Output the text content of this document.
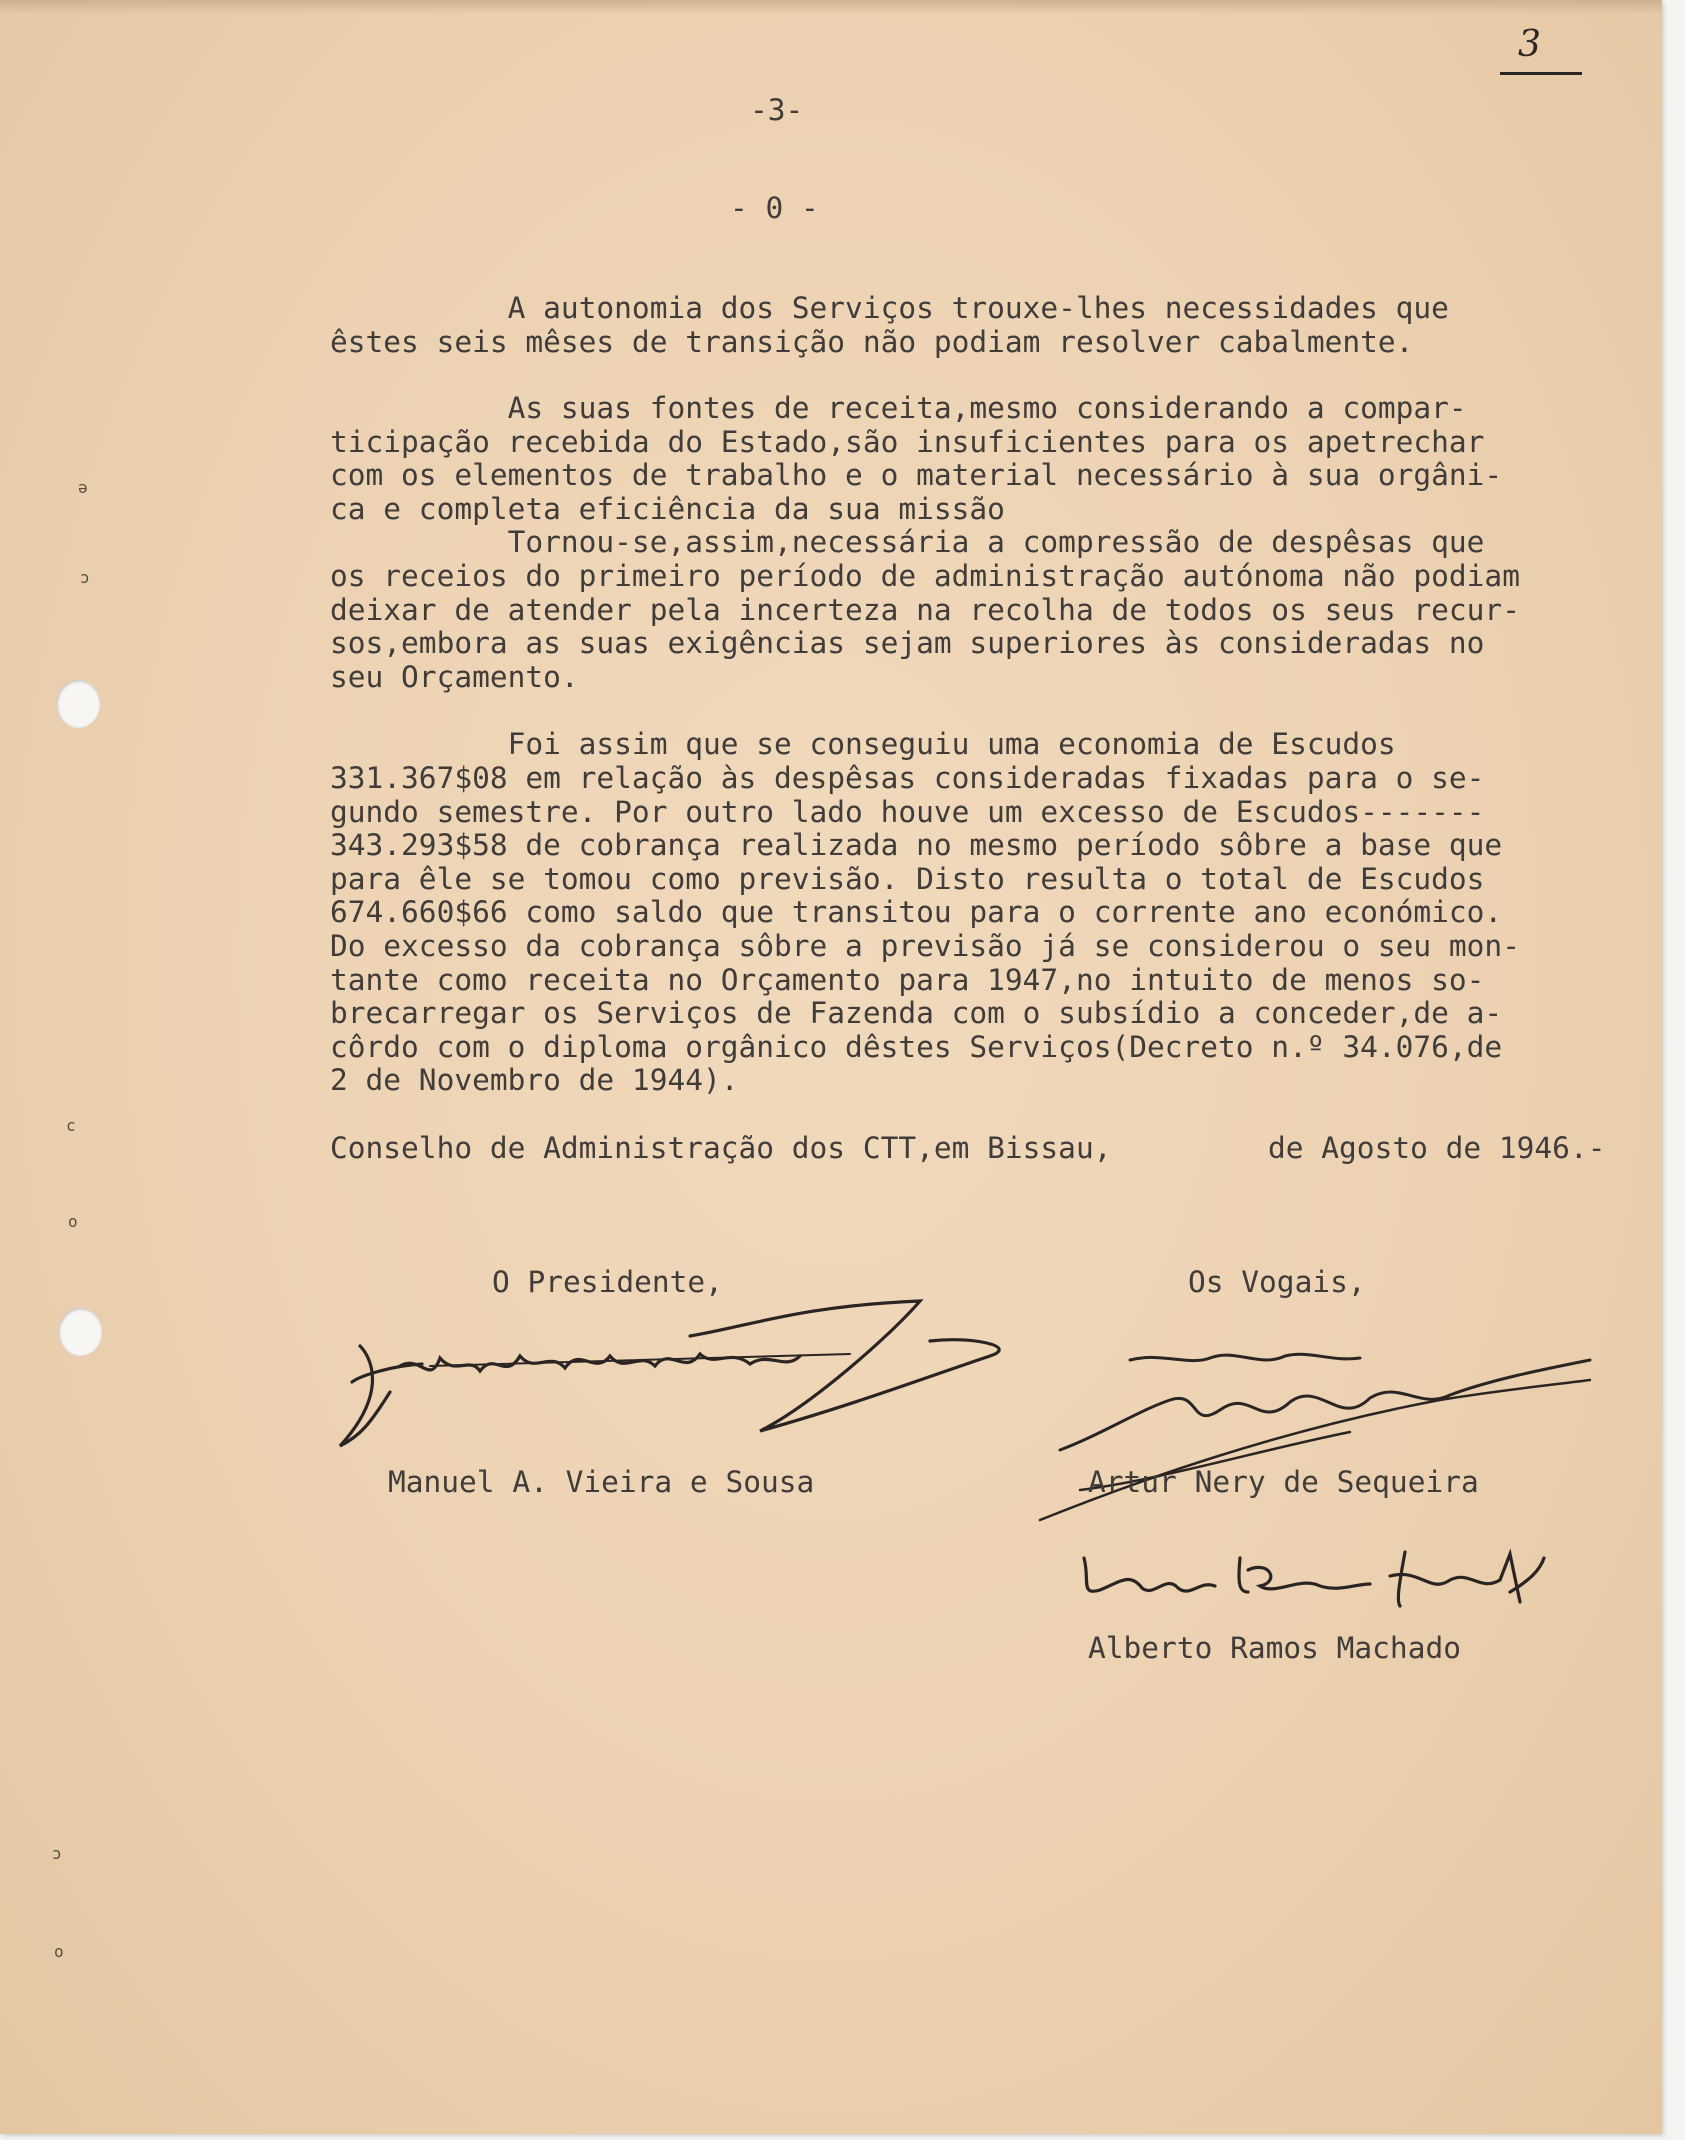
ə
ɔ
c
o
ɔ
o
3
-3-
- 0 -
A autonomia dos Serviços trouxe-lhes necessidades que
êstes seis mêses de transição não podiam resolver cabalmente.
As suas fontes de receita,mesmo considerando a compar-
ticipação recebida do Estado,são insuficientes para os apetrechar
com os elementos de trabalho e o material necessário à sua orgâni-
ca e completa eficiência da sua missão
Tornou-se,assim,necessária a compressão de despêsas que
os receios do primeiro período de administração autónoma não podiam
deixar de atender pela incerteza na recolha de todos os seus recur-
sos,embora as suas exigências sejam superiores às consideradas no
seu Orçamento.
Foi assim que se conseguiu uma economia de Escudos
331.367$08 em relação às despêsas consideradas fixadas para o se-
gundo semestre. Por outro lado houve um excesso de Escudos-------
343.293$58 de cobrança realizada no mesmo período sôbre a base que
para êle se tomou como previsão. Disto resulta o total de Escudos
674.660$66 como saldo que transitou para o corrente ano económico.
Do excesso da cobrança sôbre a previsão já se considerou o seu mon-
tante como receita no Orçamento para 1947,no intuito de menos so-
brecarregar os Serviços de Fazenda com o subsídio a conceder,de a-
côrdo com o diploma orgânico dêstes Serviços(Decreto n.º 34.076,de
2 de Novembro de 1944).
Conselho de Administração dos CTT,em Bissau,	de Agosto de 1946.-
O Presidente,	Os Vogais,
Manuel A. Vieira e Sousa	Artur Nery de Sequeira
Alberto Ramos Machado
